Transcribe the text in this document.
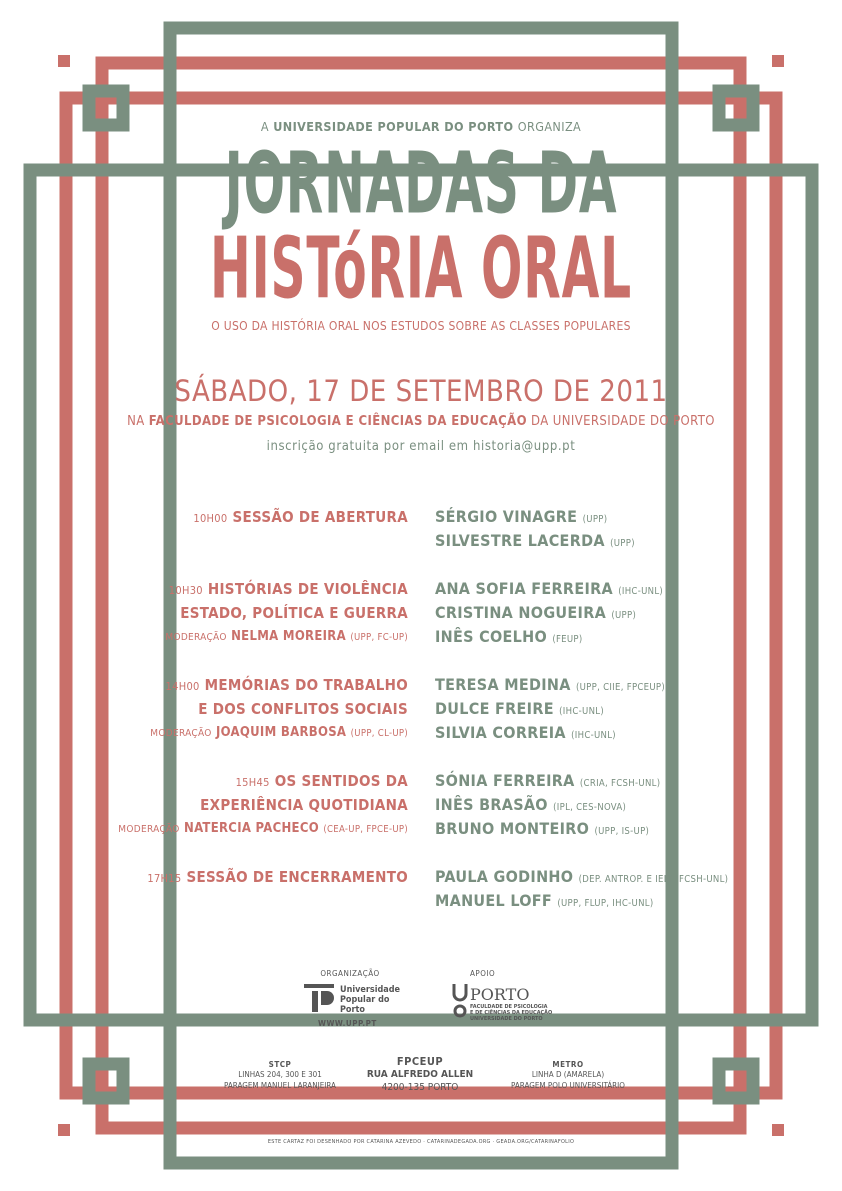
A UNIVERSIDADE POPULAR DO PORTO ORGANIZA
JORNADAS DA
HISTóRIA ORAL
O USO DA HISTÓRIA ORAL NOS ESTUDOS SOBRE AS CLASSES POPULARES
SÁBADO, 17 DE SETEMBRO DE 2011
NA FACULDADE DE PSICOLOGIA E CIÊNCIAS DA EDUCAÇÃO DA UNIVERSIDADE DO PORTO
inscrição gratuita por email em historia@upp.pt
10H00 SESSÃO DE ABERTURA SÉRGIO VINAGRE (UPP)
SILVESTRE LACERDA (UPP)
10H30 HISTÓRIAS DE VIOLÊNCIA
ESTADO, POLÍTICA E GUERRA
MODERAÇÃO NELMA MOREIRA (UPP, FC-UP)
ANA SOFIA FERREIRA (IHC-UNL)
CRISTINA NOGUEIRA (UPP)
INÊS COELHO (FEUP)
14H00 MEMÓRIAS DO TRABALHO
E DOS CONFLITOS SOCIAIS
MODERAÇÃO JOAQUIM BARBOSA (UPP, CL-UP)
TERESA MEDINA (UPP, CIIE, FPCEUP)
DULCE FREIRE (IHC-UNL)
SILVIA CORREIA (IHC-UNL)
15H45 OS SENTIDOS DA
EXPERIÊNCIA QUOTIDIANA
MODERAÇÃO NATERCIA PACHECO (CEA-UP, FPCE-UP)
SÓNIA FERREIRA (CRIA, FCSH-UNL)
INÊS BRASÃO (IPL, CES-NOVA)
BRUNO MONTEIRO (UPP, IS-UP)
17H15 SESSÃO DE ENCERRAMENTO PAULA GODINHO (DEP. ANTROP. E IELT, FCSH-UNL)
MANUEL LOFF (UPP, FLUP, IHC-UNL)
ORGANIZAÇÃO
Universidade
Popular do
Porto
WWW.UPP.PT
APOIO
PORTO
FACULDADE DE PSICOLOGIA
E DE CIÊNCIAS DA EDUCAÇÃO
UNIVERSIDADE DO PORTO
STCP
LINHAS 204, 300 E 301
PARAGEM MANUEL LARANJEIRA
FPCEUP
RUA ALFREDO ALLEN
4200-135 PORTO
METRO
LINHA D (AMARELA)
PARAGEM POLO UNIVERSITÁRIO
ESTE CARTAZ FOI DESENHADO POR CATARINA AZEVEDO · CATARINADEGADA.ORG · GEADA.ORG/CATARINAFOLIO
